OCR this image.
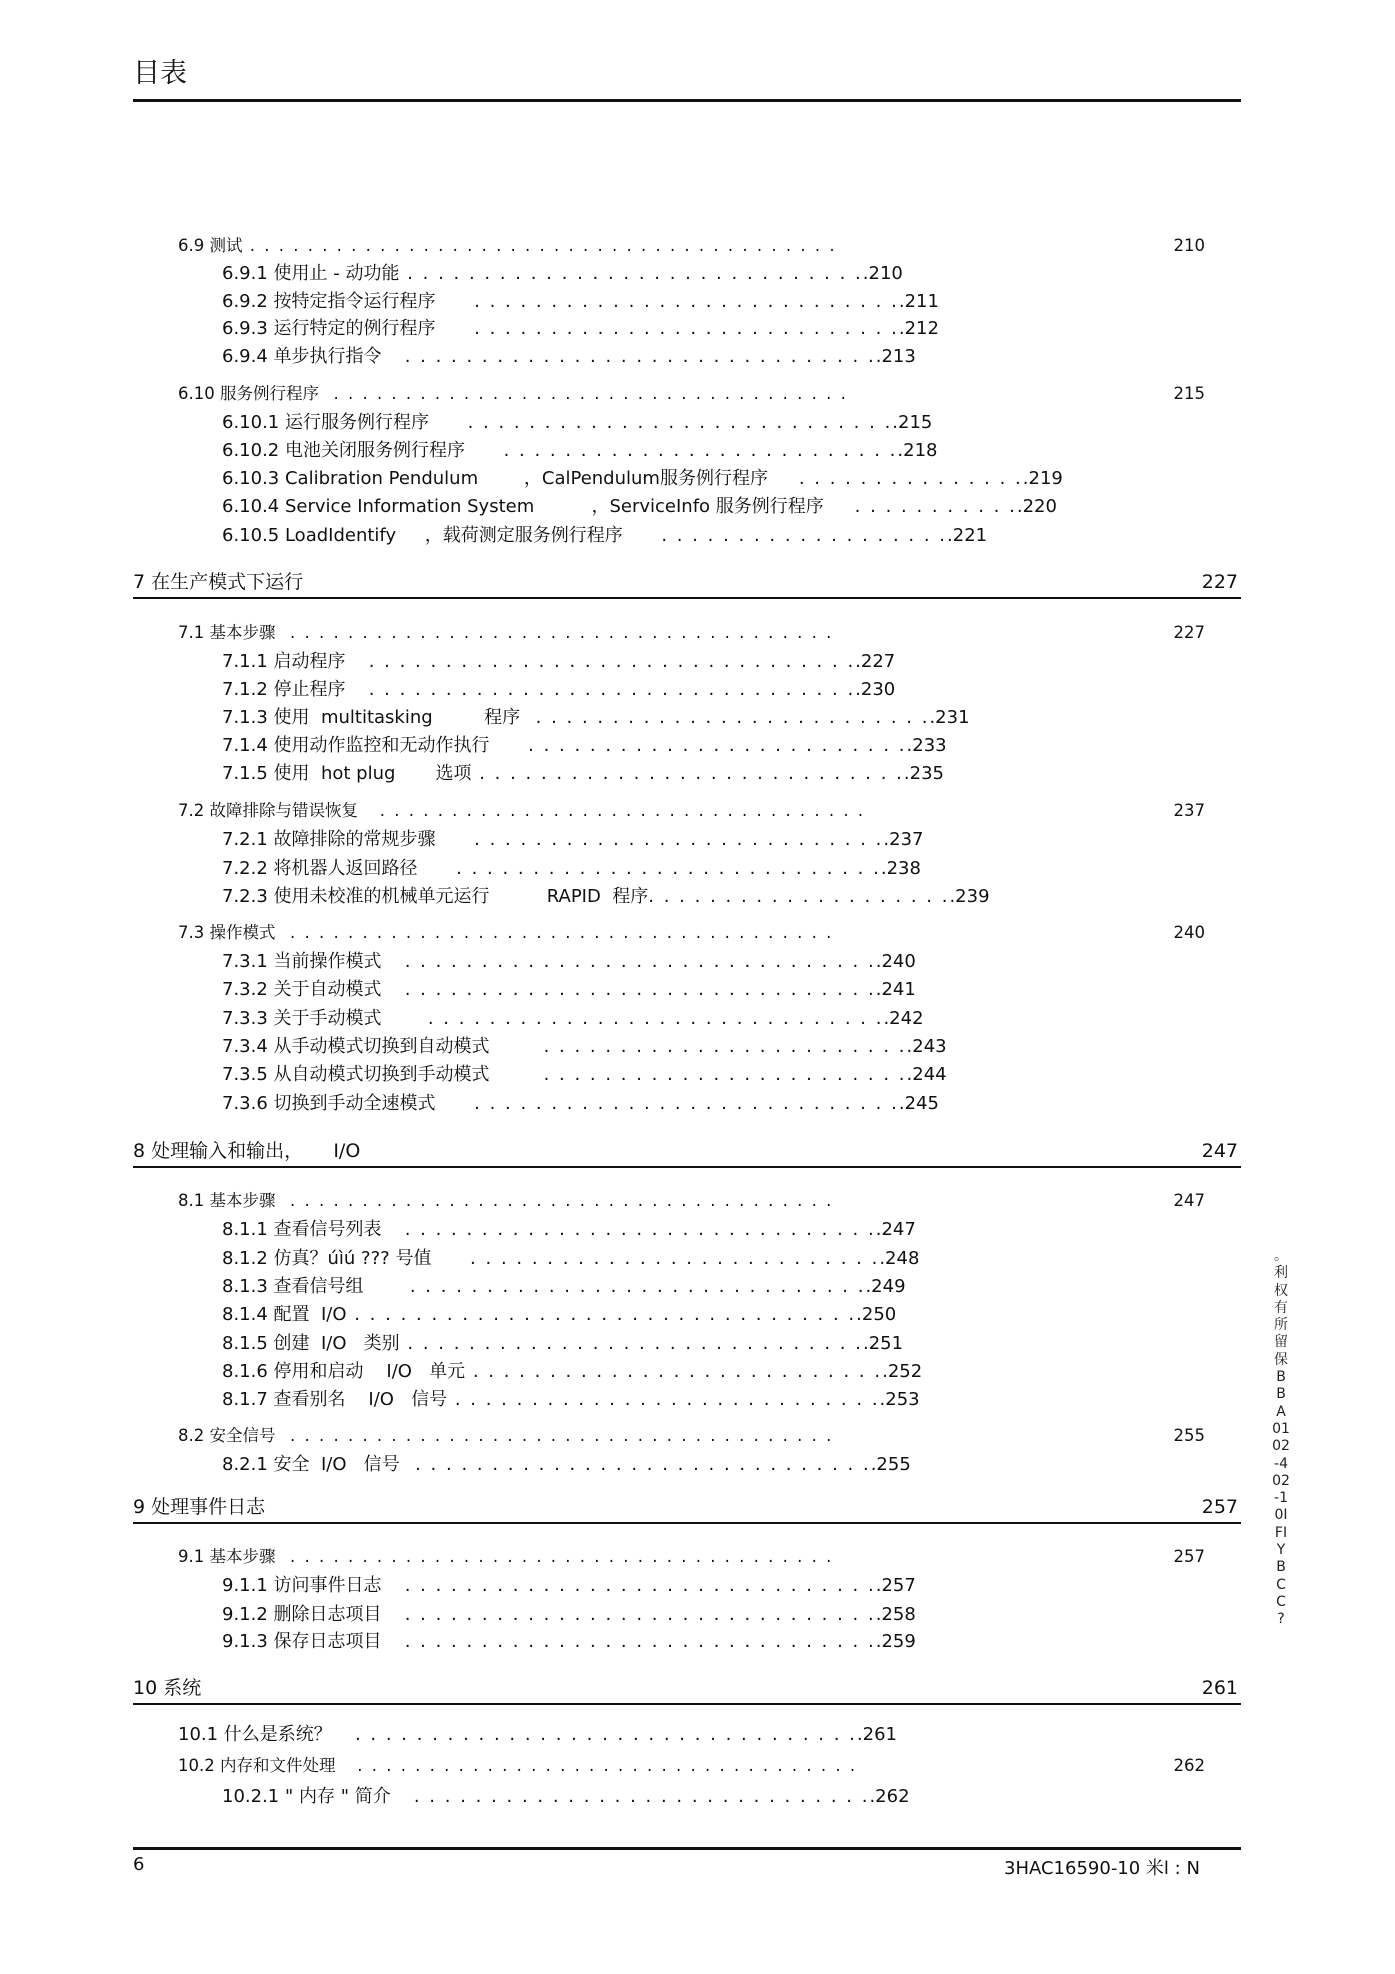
目表
6.9 测试 . . . . . . . . . . . . . . . . . . . . . . . . . . . . . . . . . . . . . . . . .	210
6.9.1 使用止 - 动功能 . . . . . . . . . . . . . . . . . . . . . . . . . . . . . . .210
6.9.2 按特定指令运行程序 . . . . . . . . . . . . . . . . . . . . . . . . . . . . .211
6.9.3 运行特定的例行程序 . . . . . . . . . . . . . . . . . . . . . . . . . . . . .212
6.9.4 单步执行指令 . . . . . . . . . . . . . . . . . . . . . . . . . . . . . . . .213
6.10 服务例行程序 . . . . . . . . . . . . . . . . . . . . . . . . . . . . . . . . . . . .	215
6.10.1 运行服务例行程序 . . . . . . . . . . . . . . . . . . . . . . . . . . . . .215
6.10.2 电池关闭服务例行程序 . . . . . . . . . . . . . . . . . . . . . . . . . . .218
6.10.3 Calibration Pendulum        ，CalPendulum服务例行程序 . . . . . . . . . . . . . . . .219
6.10.4 Service Information System          ，ServiceInfo 服务例行程序 . . . . . . . . . . . .220
6.10.5 LoadIdentify     ，载荷测定服务例行程序 . . . . . . . . . . . . . . . . . . . .221
7 在生产模式下运行	227
7.1 基本步骤 . . . . . . . . . . . . . . . . . . . . . . . . . . . . . . . . . . . . . .	227
7.1.1 启动程序 . . . . . . . . . . . . . . . . . . . . . . . . . . . . . . . . .227
7.1.2 停止程序 . . . . . . . . . . . . . . . . . . . . . . . . . . . . . . . . .230
7.1.3 使用  multitasking         程序 . . . . . . . . . . . . . . . . . . . . . . . . . . .231
7.1.4 使用动作监控和无动作执行 . . . . . . . . . . . . . . . . . . . . . . . . . .233
7.1.5 使用  hot plug       选项 . . . . . . . . . . . . . . . . . . . . . . . . . . . . .235
7.2 故障排除与错误恢复 . . . . . . . . . . . . . . . . . . . . . . . . . . . . . . . . . .	237
7.2.1 故障排除的常规步骤 . . . . . . . . . . . . . . . . . . . . . . . . . . . .237
7.2.2 将机器人返回路径 . . . . . . . . . . . . . . . . . . . . . . . . . . . . .238
7.2.3 使用未校准的机械单元运行          RAPID  程序 . . . . . . . . . . . . . . . . . . . . .239
7.3 操作模式 . . . . . . . . . . . . . . . . . . . . . . . . . . . . . . . . . . . . . .	240
7.3.1 当前操作模式 . . . . . . . . . . . . . . . . . . . . . . . . . . . . . . . .240
7.3.2 关于自动模式 . . . . . . . . . . . . . . . . . . . . . . . . . . . . . . . .241
7.3.3 关于手动模式 . . . . . . . . . . . . . . . . . . . . . . . . . . . . . . .242
7.3.4 从手动模式切换到自动模式 . . . . . . . . . . . . . . . . . . . . . . . . .243
7.3.5 从自动模式切换到手动模式 . . . . . . . . . . . . . . . . . . . . . . . . .244
7.3.6 切换到手动全速模式 . . . . . . . . . . . . . . . . . . . . . . . . . . . . .245
8 处理输入和输出，     I/O	247
8.1 基本步骤 . . . . . . . . . . . . . . . . . . . . . . . . . . . . . . . . . . . . . .	247
8.1.1 查看信号列表 . . . . . . . . . . . . . . . . . . . . . . . . . . . . . . . .247
8.1.2 仿真？úìú ??? 号值 . . . . . . . . . . . . . . . . . . . . . . . . . . . .248
8.1.3 查看信号组 . . . . . . . . . . . . . . . . . . . . . . . . . . . . . . .249
8.1.4 配置  I/O . . . . . . . . . . . . . . . . . . . . . . . . . . . . . . . . . .250
8.1.5 创建  I/O   类别 . . . . . . . . . . . . . . . . . . . . . . . . . . . . . . .251
8.1.6 停用和启动    I/O   单元 . . . . . . . . . . . . . . . . . . . . . . . . . . . .252
8.1.7 查看别名    I/O   信号 . . . . . . . . . . . . . . . . . . . . . . . . . . . . .253
8.2 安全信号 . . . . . . . . . . . . . . . . . . . . . . . . . . . . . . . . . . . . . .	255
8.2.1 安全  I/O   信号 . . . . . . . . . . . . . . . . . . . . . . . . . . . . . . .255
9 处理事件日志	257
9.1 基本步骤 . . . . . . . . . . . . . . . . . . . . . . . . . . . . . . . . . . . . . .	257
9.1.1 访问事件日志 . . . . . . . . . . . . . . . . . . . . . . . . . . . . . . . .257
9.1.2 删除日志项目 . . . . . . . . . . . . . . . . . . . . . . . . . . . . . . . .258
9.1.3 保存日志项目 . . . . . . . . . . . . . . . . . . . . . . . . . . . . . . . .259
10 系统	261
10.1 什么是系统？ . . . . . . . . . . . . . . . . . . . . . . . . . . . . . . . . . .261
10.2 内存和文件处理 . . . . . . . . . . . . . . . . . . . . . . . . . . . . . . . . . . .	262
10.2.1 " 内存 " 简介 . . . . . . . . . . . . . . . . . . . . . . . . . . . . . . .262
6	3HAC16590-10 米l : N
。利权有所留保 BBA 0102 -402 -10IFIYBCC ?
